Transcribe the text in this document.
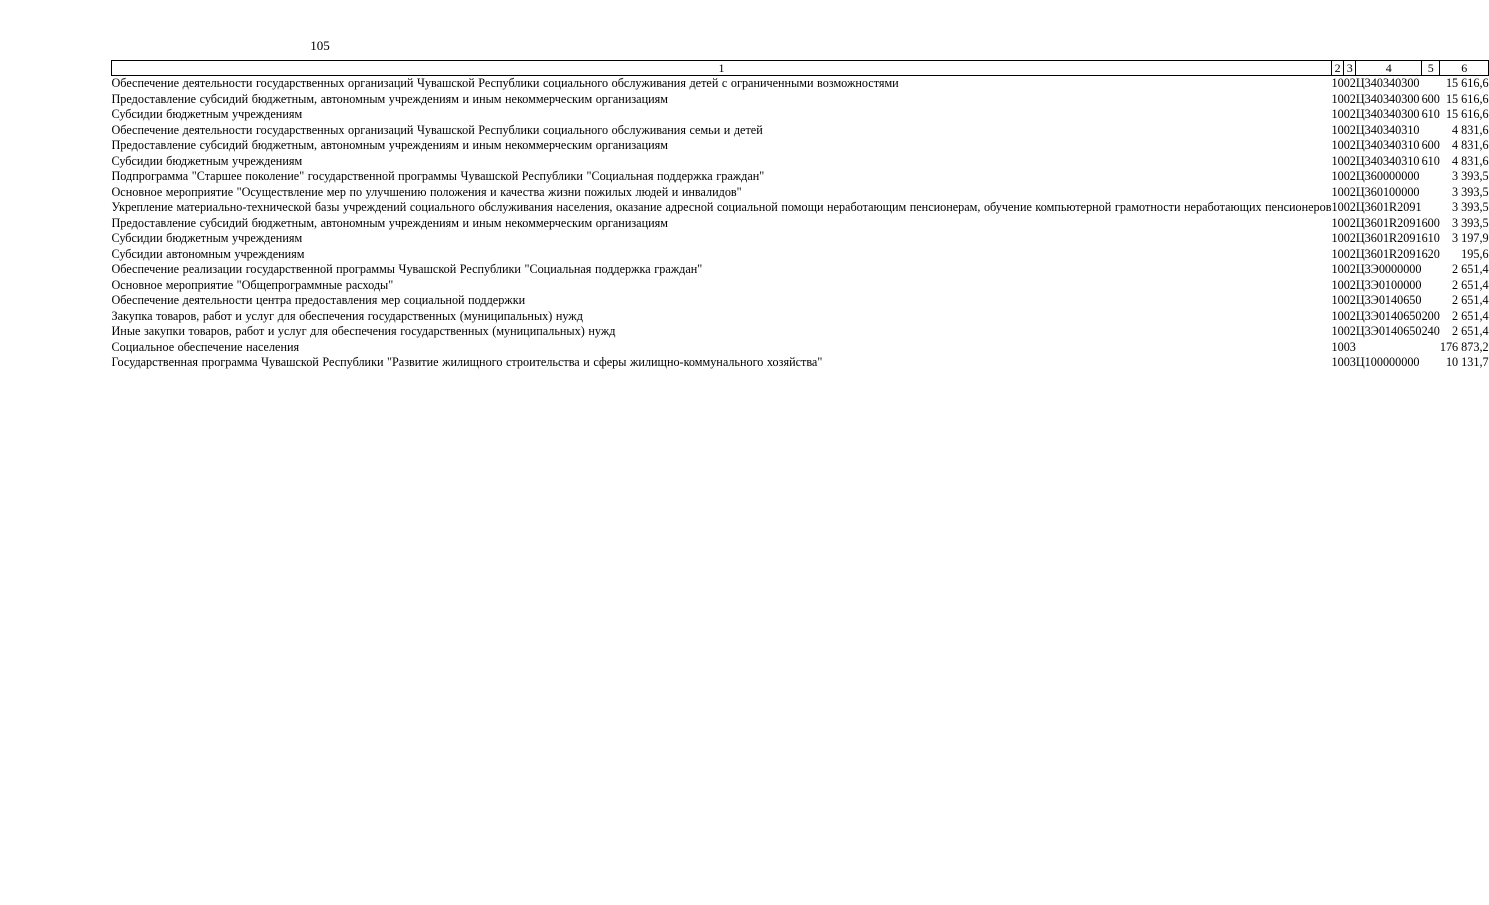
105
1	2	3	4	5	6
Обеспечение деятельности государственных организаций Чувашской Республики социального обслуживания детей с ограниченными возможностями	10	02	Ц340340300		15 616,6
Предоставление субсидий бюджетным, автономным учреждениям и иным некоммерческим организациям	10	02	Ц340340300	600	15 616,6
Субсидии бюджетным учреждениям	10	02	Ц340340300	610	15 616,6
Обеспечение деятельности государственных организаций Чувашской Республики социального обслуживания семьи и детей	10	02	Ц340340310		4 831,6
Предоставление субсидий бюджетным, автономным учреждениям и иным некоммерческим организациям	10	02	Ц340340310	600	4 831,6
Субсидии бюджетным учреждениям	10	02	Ц340340310	610	4 831,6
Подпрограмма "Старшее поколение" государственной программы Чувашской Республики "Социальная поддержка граждан"	10	02	Ц360000000		3 393,5
Основное мероприятие "Осуществление мер по улучшению положения и качества жизни пожилых людей и инвалидов"	10	02	Ц360100000		3 393,5
Укрепление материально-технической базы учреждений социального обслуживания населения, оказание адресной социальной помощи неработающим пенсионерам, обучение компьютерной грамотности неработающих пенсионеров	10	02	Ц3601R2091		3 393,5
Предоставление субсидий бюджетным, автономным учреждениям и иным некоммерческим организациям	10	02	Ц3601R2091	600	3 393,5
Субсидии бюджетным учреждениям	10	02	Ц3601R2091	610	3 197,9
Субсидии автономным учреждениям	10	02	Ц3601R2091	620	195,6
Обеспечение реализации государственной программы Чувашской Республики "Социальная поддержка граждан"	10	02	Ц3Э0000000		2 651,4
Основное мероприятие "Общепрограммные расходы"	10	02	Ц3Э0100000		2 651,4
Обеспечение деятельности центра предоставления мер социальной поддержки	10	02	Ц3Э0140650		2 651,4
Закупка товаров, работ и услуг для обеспечения государственных (муниципальных) нужд	10	02	Ц3Э0140650	200	2 651,4
Иные закупки товаров, работ и услуг для обеспечения государственных (муниципальных) нужд	10	02	Ц3Э0140650	240	2 651,4
Социальное обеспечение населения	10	03			176 873,2
Государственная программа Чувашской Республики "Развитие жилищного строительства и сферы жилищно-коммунального хозяйства"	10	03	Ц100000000		10 131,7
